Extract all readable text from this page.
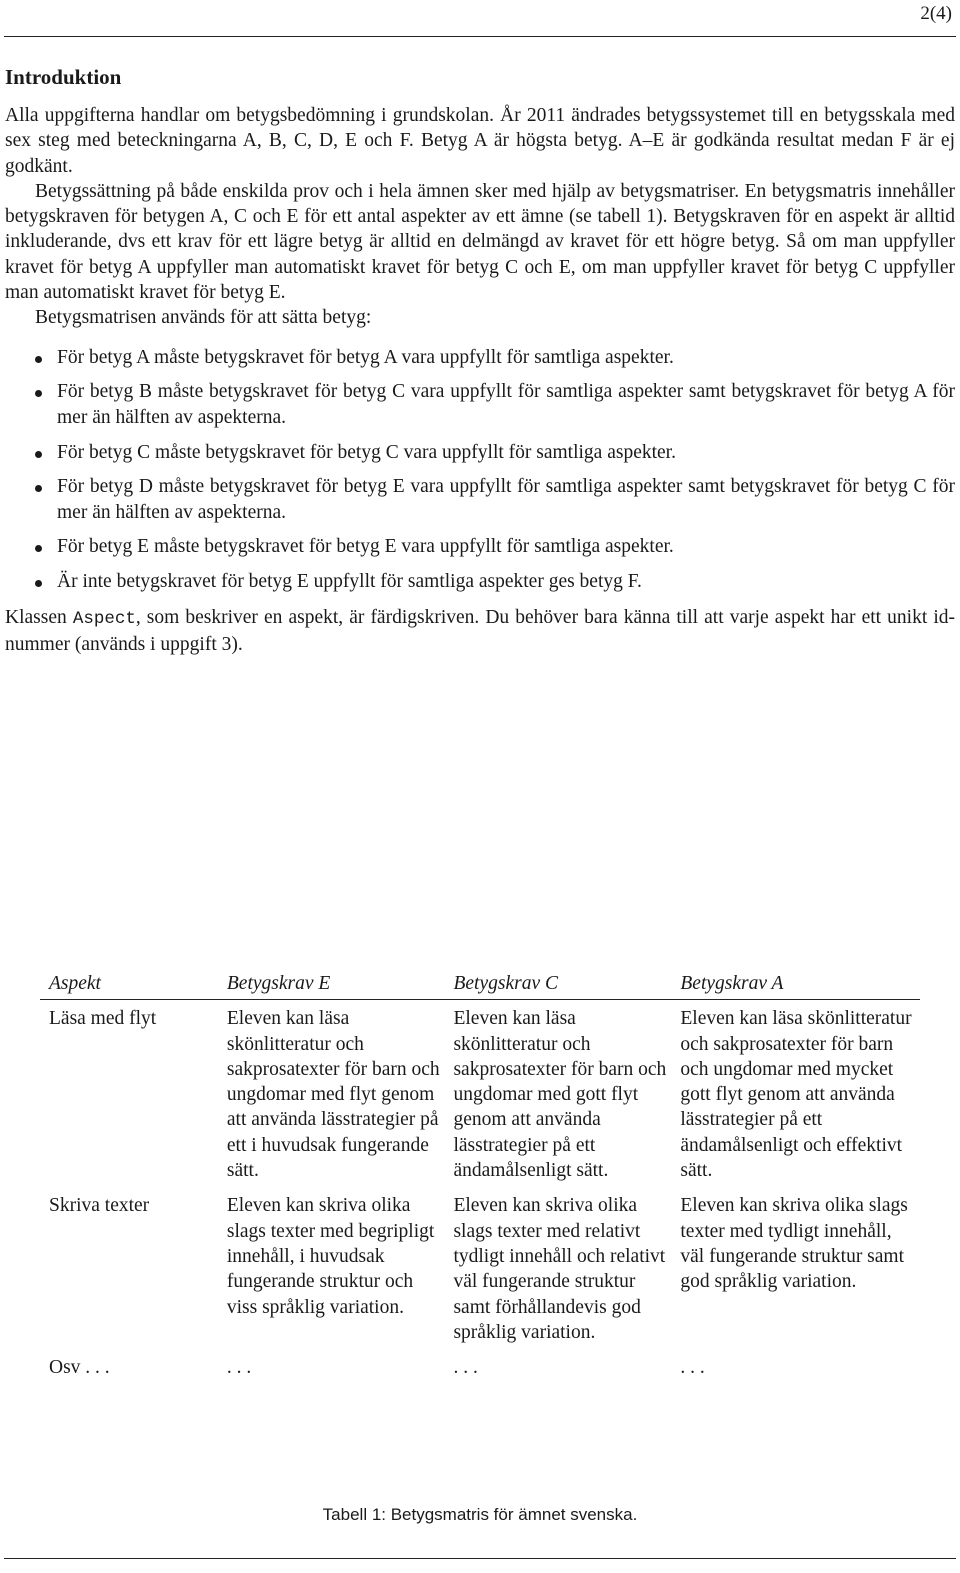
2(4)
Introduktion

Alla uppgifterna handlar om betygsbedömning i grundskolan. År 2011 ändrades betygssystemet till en betygsskala med sex steg med beteckningarna A, B, C, D, E och F. Betyg A är högsta betyg. A–E är godkända resultat medan F är ej godkänt.

Betygssättning på både enskilda prov och i hela ämnen sker med hjälp av betygsmatriser. En betygsmatris innehåller betygskraven för betygen A, C och E för ett antal aspekter av ett ämne (se tabell 1). Betygskraven för en aspekt är alltid inkluderande, dvs ett krav för ett lägre betyg är alltid en delmängd av kravet för ett högre betyg. Så om man uppfyller kravet för betyg A uppfyller man automatiskt kravet för betyg C och E, om man uppfyller kravet för betyg C uppfyller man automatiskt kravet för betyg E.

Betygsmatrisen används för att sätta betyg:

För betyg A måste betygskravet för betyg A vara uppfyllt för samtliga aspekter.
För betyg B måste betygskravet för betyg C vara uppfyllt för samtliga aspekter samt betygskravet för betyg A för mer än hälften av aspekterna.
För betyg C måste betygskravet för betyg C vara uppfyllt för samtliga aspekter.
För betyg D måste betygskravet för betyg E vara uppfyllt för samtliga aspekter samt betygskravet för betyg C för mer än hälften av aspekterna.
För betyg E måste betygskravet för betyg E vara uppfyllt för samtliga aspekter.
Är inte betygskravet för betyg E uppfyllt för samtliga aspekter ges betyg F.

Klassen Aspect, som beskriver en aspekt, är färdigskriven. Du behöver bara känna till att varje aspekt har ett unikt id-nummer (används i uppgift 3).

Aspekt	Betygskrav E	Betygskrav C	Betygskrav A
Läsa med flyt	Eleven kan läsa skönlitteratur och sakprosatexter för barn och ungdomar med flyt genom att använda lässtrategier på ett i huvudsak fungerande sätt.	Eleven kan läsa skönlitteratur och sakprosatexter för barn och ungdomar med gott flyt genom att använda lässtrategier på ett ändamålsenligt sätt.	Eleven kan läsa skönlitteratur och sakprosatexter för barn och ungdomar med mycket gott flyt genom att använda lässtrategier på ett ändamålsenligt och effektivt sätt.
Skriva texter	Eleven kan skriva olika slags texter med begripligt innehåll, i huvudsak fungerande struktur och viss språklig variation.	Eleven kan skriva olika slags texter med relativt tydligt innehåll och relativt väl fungerande struktur samt förhållandevis god språklig variation.	Eleven kan skriva olika slags texter med tydligt innehåll, väl fungerande struktur samt god språklig variation.
Osv . . .	. . .	. . .	. . .
Tabell 1: Betygsmatris för ämnet svenska.
